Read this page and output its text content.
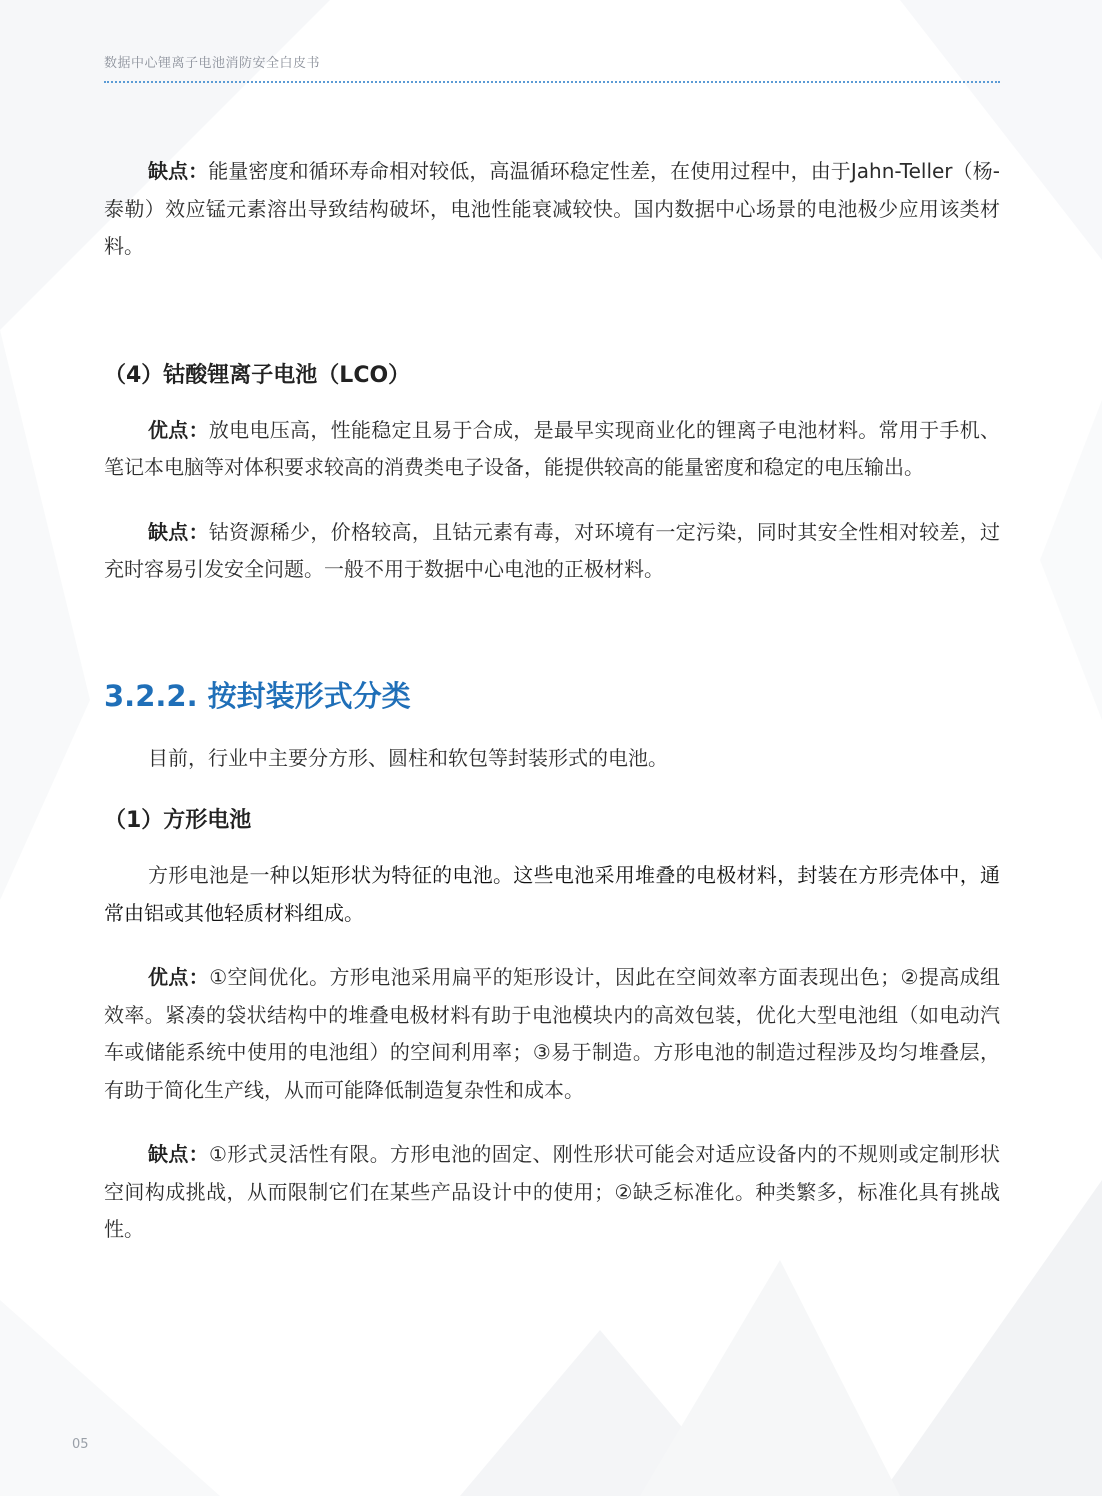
数据中心锂离子电池消防安全白皮书

缺点：能量密度和循环寿命相对较低，高温循环稳定性差，在使用过程中，由于Jahn-Teller（杨-泰勒）效应锰元素溶出导致结构破坏，电池性能衰减较快。国内数据中心场景的电池极少应用该类材料。

（4）钴酸锂离子电池（LCO）

优点：放电电压高，性能稳定且易于合成，是最早实现商业化的锂离子电池材料。常用于手机、笔记本电脑等对体积要求较高的消费类电子设备，能提供较高的能量密度和稳定的电压输出。

缺点：钴资源稀少，价格较高，且钴元素有毒，对环境有一定污染，同时其安全性相对较差，过充时容易引发安全问题。一般不用于数据中心电池的正极材料。

3.2.2. 按封装形式分类

目前，行业中主要分方形、圆柱和软包等封装形式的电池。

（1）方形电池

方形电池是一种以矩形状为特征的电池。这些电池采用堆叠的电极材料，封装在方形壳体中，通常由铝或其他轻质材料组成。

优点：①空间优化。方形电池采用扁平的矩形设计，因此在空间效率方面表现出色；②提高成组效率。紧凑的袋状结构中的堆叠电极材料有助于电池模块内的高效包装，优化大型电池组（如电动汽车或储能系统中使用的电池组）的空间利用率；③易于制造。方形电池的制造过程涉及均匀堆叠层，有助于简化生产线，从而可能降低制造复杂性和成本。

缺点：①形式灵活性有限。方形电池的固定、刚性形状可能会对适应设备内的不规则或定制形状空间构成挑战，从而限制它们在某些产品设计中的使用；②缺乏标准化。种类繁多，标准化具有挑战性。

05
